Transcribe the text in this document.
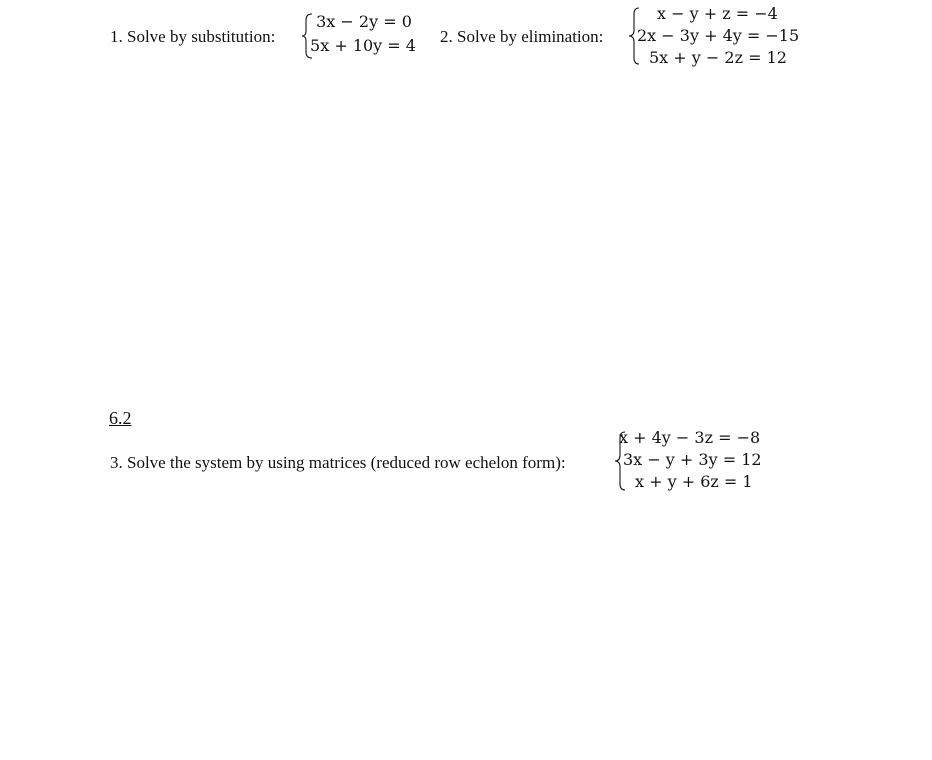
1. Solve by substitution:
3x − 2y = 0
5x + 10y = 4 2. Solve by elimination:
x − y + z = −4
2x − 3y + 4y = −15
5x + y − 2z = 12
6.2
3. Solve the system by using matrices (reduced row echelon form):
x + 4y − 3z = −8
3x − y + 3y = 12
x + y + 6z = 1
